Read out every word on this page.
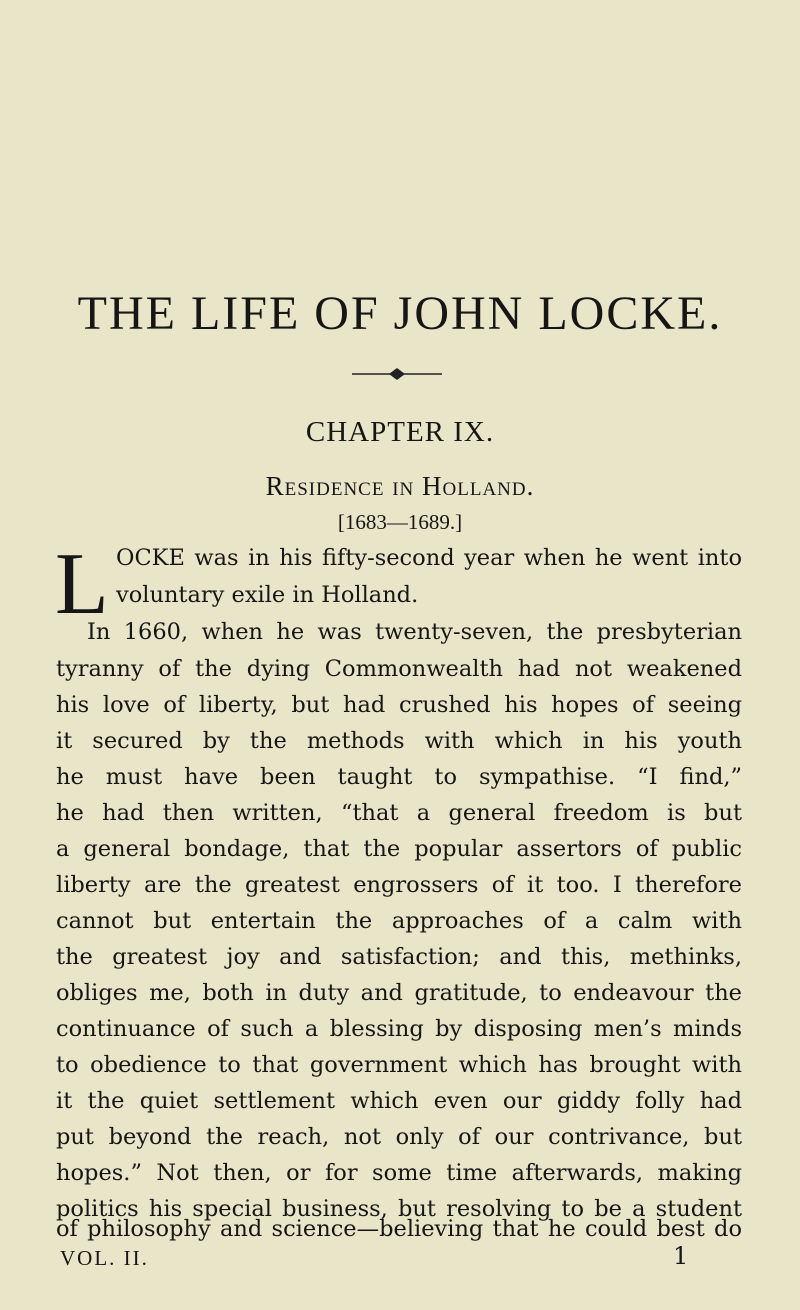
THE LIFE OF JOHN LOCKE.
CHAPTER IX.
Residence in Holland.
[1683—1689.]
L OCKE was in his fifty-second year when he went into
voluntary exile in Holland.
In 1660, when he was twenty-seven, the presbyterian
tyranny of the dying Commonwealth had not weakened
his love of liberty, but had crushed his hopes of seeing
it secured by the methods with which in his youth
he must have been taught to sympathise. “I find,”
he had then written, “that a general freedom is but
a general bondage, that the popular assertors of public
liberty are the greatest engrossers of it too. I therefore
cannot but entertain the approaches of a calm with
the greatest joy and satisfaction; and this, methinks,
obliges me, both in duty and gratitude, to endeavour the
continuance of such a blessing by disposing men’s minds
to obedience to that government which has brought with
it the quiet settlement which even our giddy folly had
put beyond the reach, not only of our contrivance, but
hopes.” Not then, or for some time afterwards, making
politics his special business, but resolving to be a student
of philosophy and science—believing that he could best do
VOL. II.	1
